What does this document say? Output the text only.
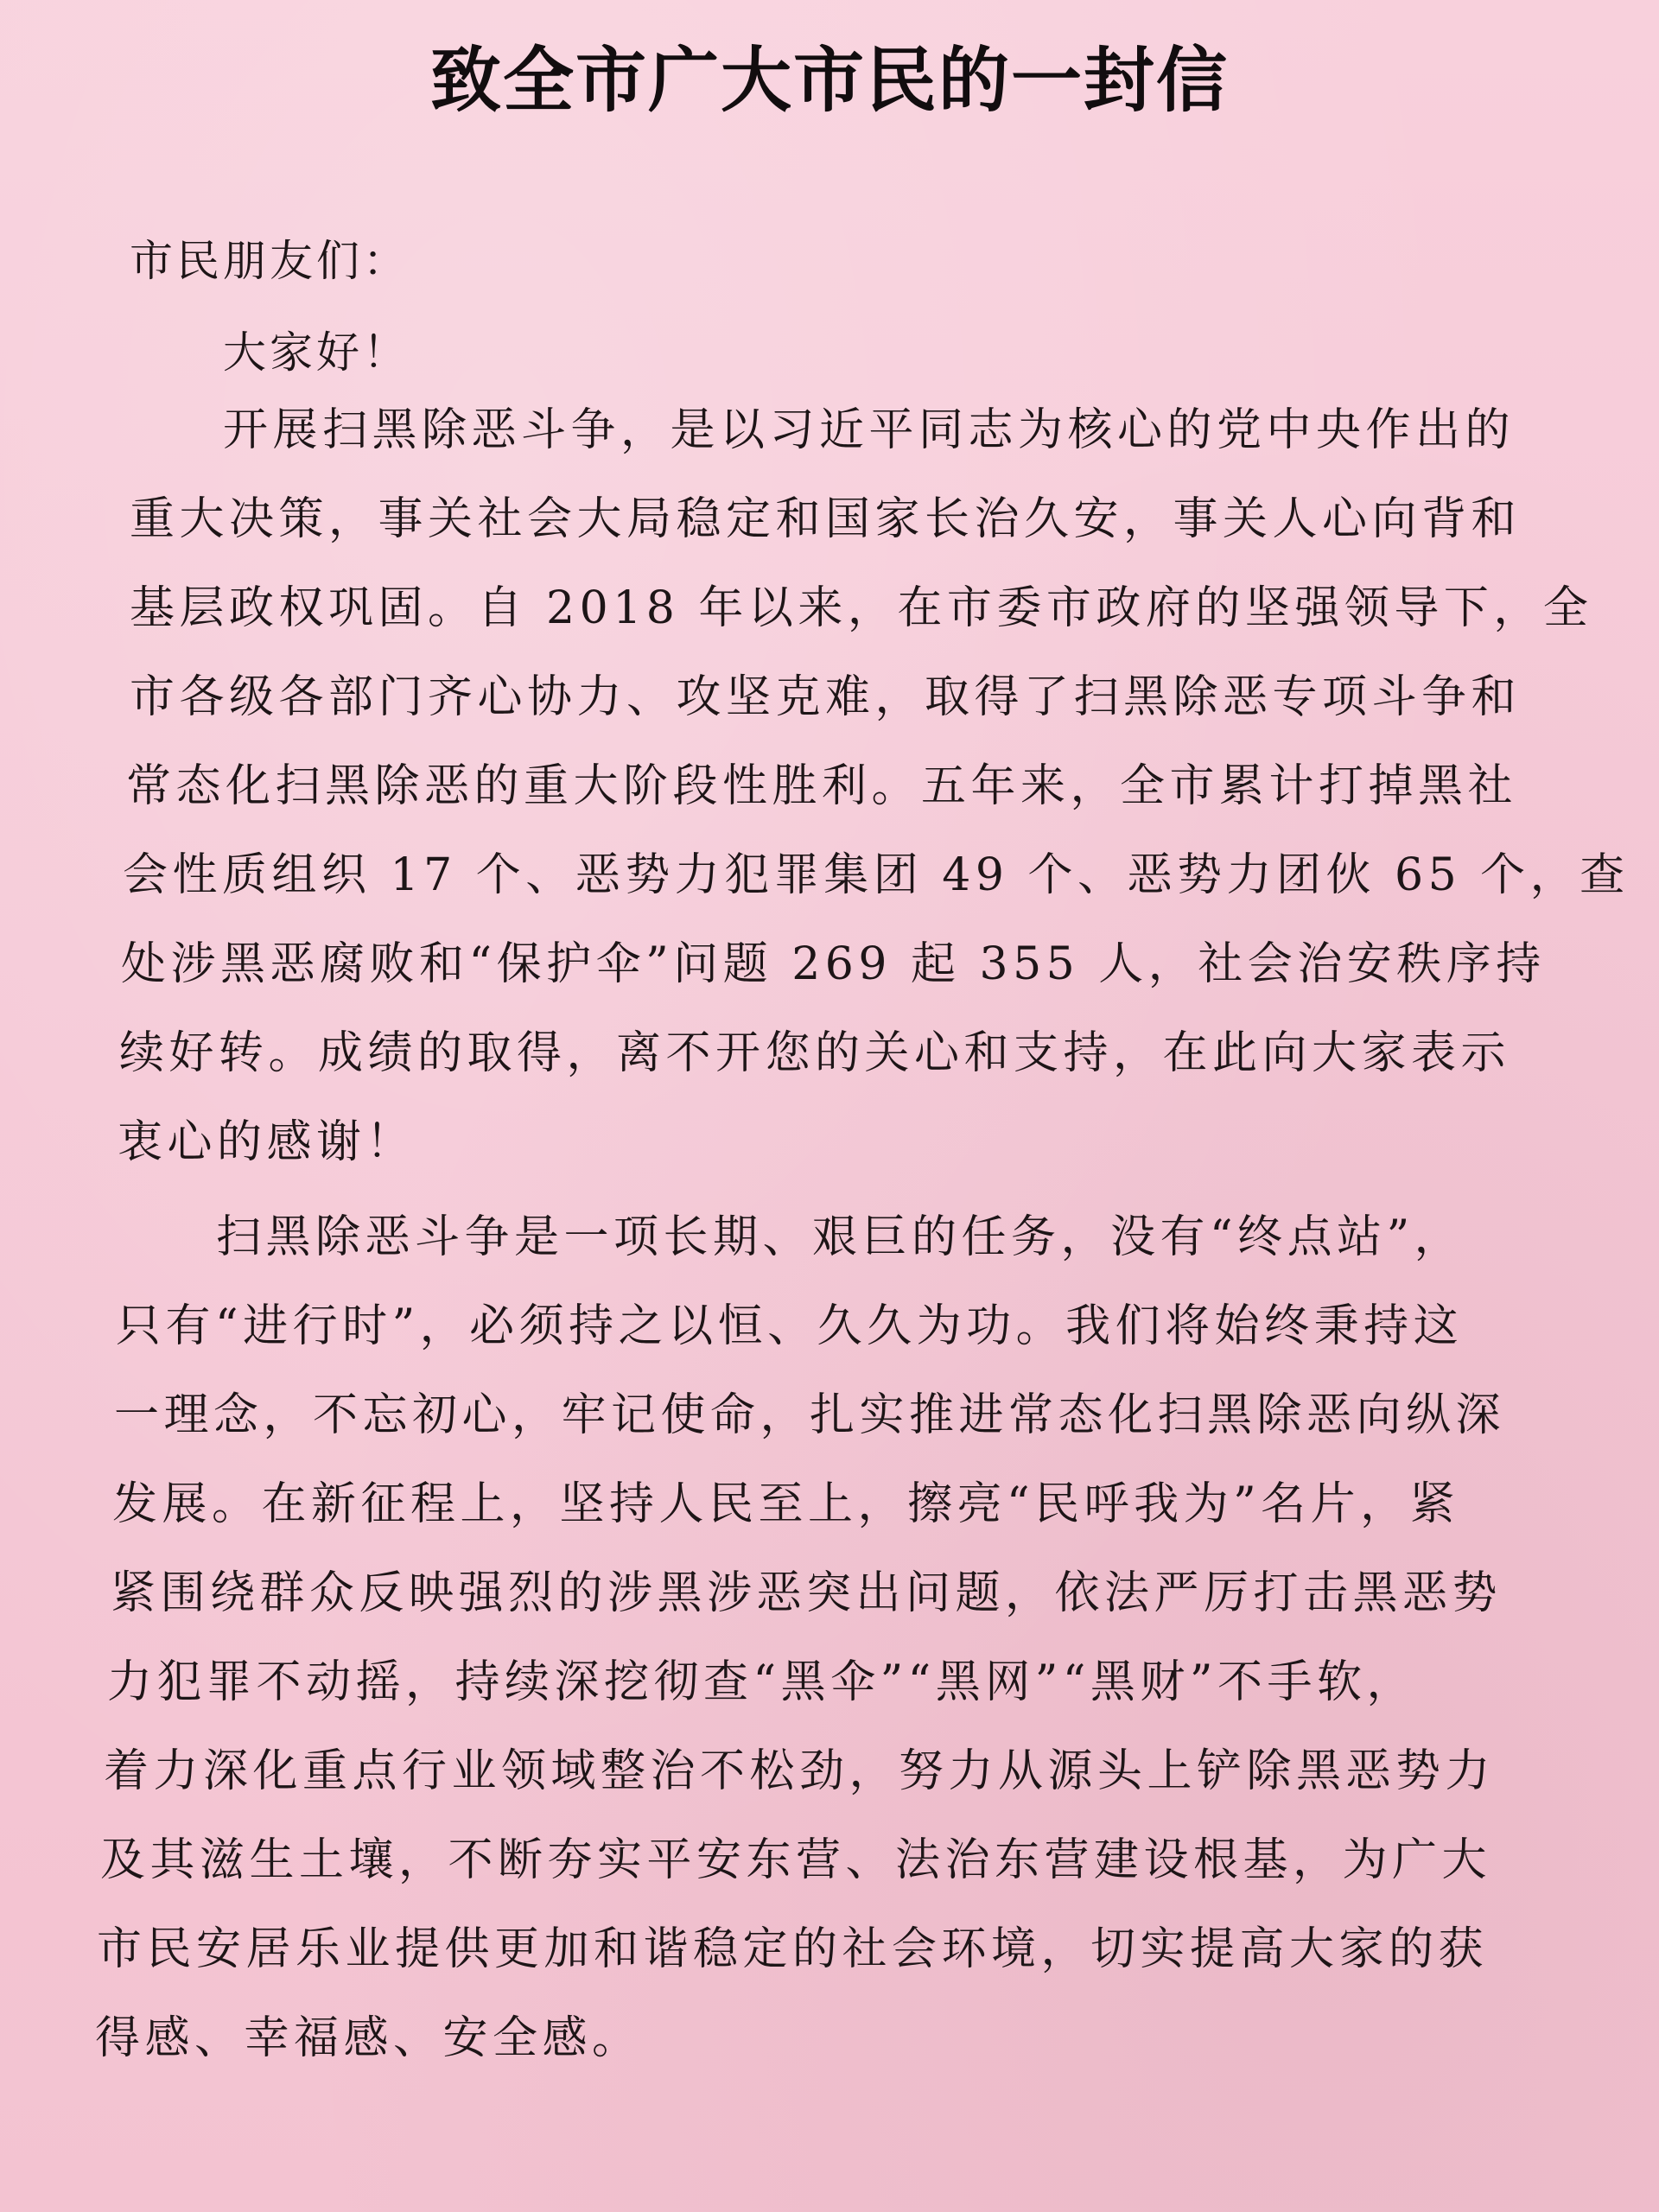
致全市广大市民的一封信

市民朋友们：

大家好！

开展扫黑除恶斗争，是以习近平同志为核心的党中央作出的
重大决策，事关社会大局稳定和国家长治久安，事关人心向背和
基层政权巩固。自 2018 年以来，在市委市政府的坚强领导下，全
市各级各部门齐心协力、攻坚克难，取得了扫黑除恶专项斗争和
常态化扫黑除恶的重大阶段性胜利。五年来，全市累计打掉黑社
会性质组织 17 个、恶势力犯罪集团 49 个、恶势力团伙 65 个，查
处涉黑恶腐败和“保护伞”问题 269 起 355 人，社会治安秩序持
续好转。成绩的取得，离不开您的关心和支持，在此向大家表示
衷心的感谢！
扫黑除恶斗争是一项长期、艰巨的任务，没有“终点站”，
只有“进行时”，必须持之以恒、久久为功。我们将始终秉持这
一理念，不忘初心，牢记使命，扎实推进常态化扫黑除恶向纵深
发展。在新征程上，坚持人民至上，擦亮“民呼我为”名片，紧
紧围绕群众反映强烈的涉黑涉恶突出问题，依法严厉打击黑恶势
力犯罪不动摇，持续深挖彻查“黑伞”“黑网”“黑财”不手软，
着力深化重点行业领域整治不松劲，努力从源头上铲除黑恶势力
及其滋生土壤，不断夯实平安东营、法治东营建设根基，为广大
市民安居乐业提供更加和谐稳定的社会环境，切实提高大家的获
得感、幸福感、安全感。
